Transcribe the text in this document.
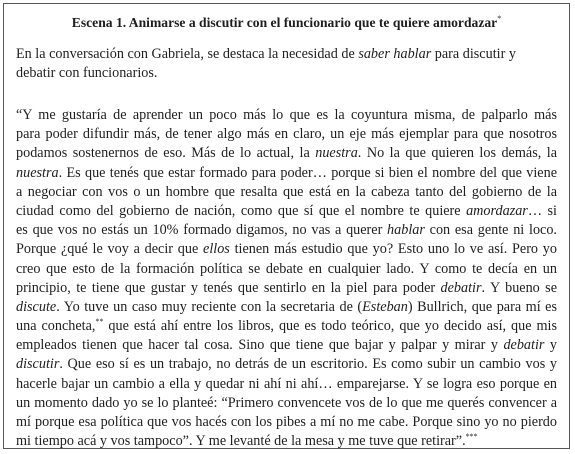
Escena 1. Animarse a discutir con el funcionario que te quiere amordazar*
En la conversación con Gabriela, se destaca la necesidad de saber hablar para discutir y
debatir con funcionarios.
“Y me gustaría de aprender un poco más lo que es la coyuntura misma, de palparlo más
para poder difundir más, de tener algo más en claro, un eje más ejemplar para que nosotros
podamos sostenernos de eso. Más de lo actual, la nuestra. No la que quieren los demás, la
nuestra. Es que tenés que estar formado para poder… porque si bien el nombre del que viene
a negociar con vos o un hombre que resalta que está en la cabeza tanto del gobierno de la
ciudad como del gobierno de nación, como que sí que el nombre te quiere amordazar… si
es que vos no estás un 10% formado digamos, no vas a querer hablar con esa gente ni loco.
Porque ¿qué le voy a decir que ellos tienen más estudio que yo? Esto uno lo ve así. Pero yo
creo que esto de la formación política se debate en cualquier lado. Y como te decía en un
principio, te tiene que gustar y tenés que sentirlo en la piel para poder debatir. Y bueno se
discute. Yo tuve un caso muy reciente con la secretaria de (Esteban) Bullrich, que para mí es
una concheta,** que está ahí entre los libros, que es todo teórico, que yo decido así, que mis
empleados tienen que hacer tal cosa. Sino que tiene que bajar y palpar y mirar y debatir y
discutir. Que eso sí es un trabajo, no detrás de un escritorio. Es como subir un cambio vos y
hacerle bajar un cambio a ella y quedar ni ahí ni ahí… emparejarse. Y se logra eso porque en
un momento dado yo se lo planteé: “Primero convencete vos de lo que me querés convencer a
mí porque esa política que vos hacés con los pibes a mí no me cabe. Porque sino yo no pierdo
mi tiempo acá y vos tampoco”. Y me levanté de la mesa y me tuve que retirar”.***
